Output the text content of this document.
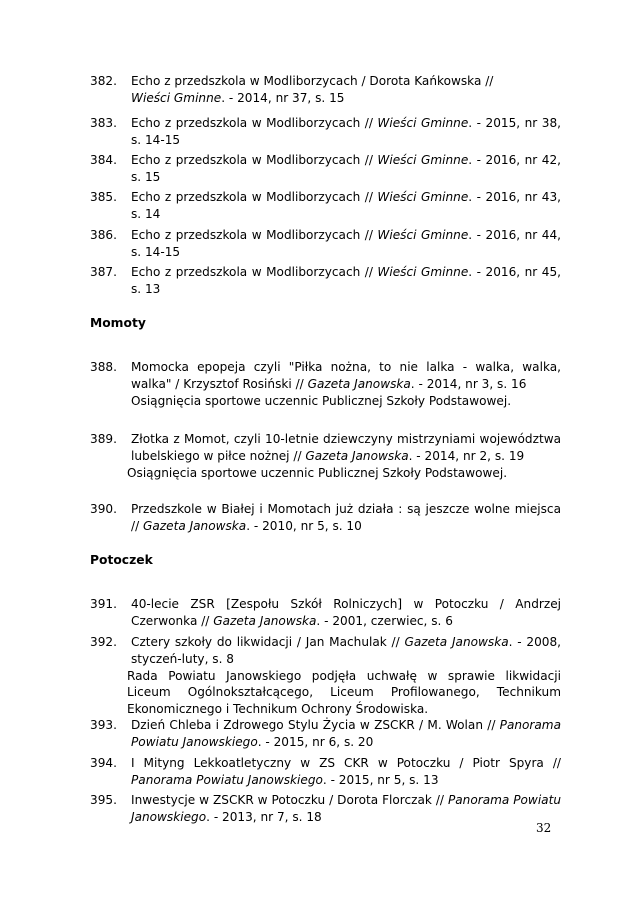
382. Echo z przedszkola w Modliborzycach / Dorota Kańkowska //
Wieści Gminne. - 2014, nr 37, s. 15
383. Echo z przedszkola w Modliborzycach // Wieści Gminne. - 2015, nr 38, s. 14-15
384. Echo z przedszkola w Modliborzycach // Wieści Gminne. - 2016, nr 42, s. 15
385. Echo z przedszkola w Modliborzycach // Wieści Gminne. - 2016, nr 43, s. 14
386. Echo z przedszkola w Modliborzycach // Wieści Gminne. - 2016, nr 44, s. 14-15
387. Echo z przedszkola w Modliborzycach // Wieści Gminne. - 2016, nr 45, s. 13
Momoty
388. Momocka epopeja czyli "Piłka nożna, to nie lalka - walka, walka, walka" / Krzysztof Rosiński // Gazeta Janowska. - 2014, nr 3, s. 16
Osiągnięcia sportowe uczennic Publicznej Szkoły Podstawowej.
389. Złotka z Momot, czyli 10-letnie dziewczyny mistrzyniami województwa lubelskiego w piłce nożnej // Gazeta Janowska. - 2014, nr 2, s. 19
Osiągnięcia sportowe uczennic Publicznej Szkoły Podstawowej.
390. Przedszkole w Białej i Momotach już działa : są jeszcze wolne miejsca // Gazeta Janowska. - 2010, nr 5, s. 10
Potoczek
391. 40-lecie ZSR [Zespołu Szkół Rolniczych] w Potoczku / Andrzej Czerwonka // Gazeta Janowska. - 2001, czerwiec, s. 6
392. Cztery szkoły do likwidacji / Jan Machulak // Gazeta Janowska. - 2008, styczeń-luty, s. 8
Rada Powiatu Janowskiego podjęła uchwałę w sprawie likwidacji Liceum Ogólnokształcącego, Liceum Profilowanego, Technikum Ekonomicznego i Technikum Ochrony Środowiska.
393. Dzień Chleba i Zdrowego Stylu Życia w ZSCKR / M. Wolan // Panorama Powiatu Janowskiego. - 2015, nr 6, s. 20
394. I Mityng Lekkoatletyczny w ZS CKR w Potoczku / Piotr Spyra // Panorama Powiatu Janowskiego. - 2015, nr 5, s. 13
395. Inwestycje w ZSCKR w Potoczku / Dorota Florczak // Panorama Powiatu Janowskiego. - 2013, nr 7, s. 18
32
